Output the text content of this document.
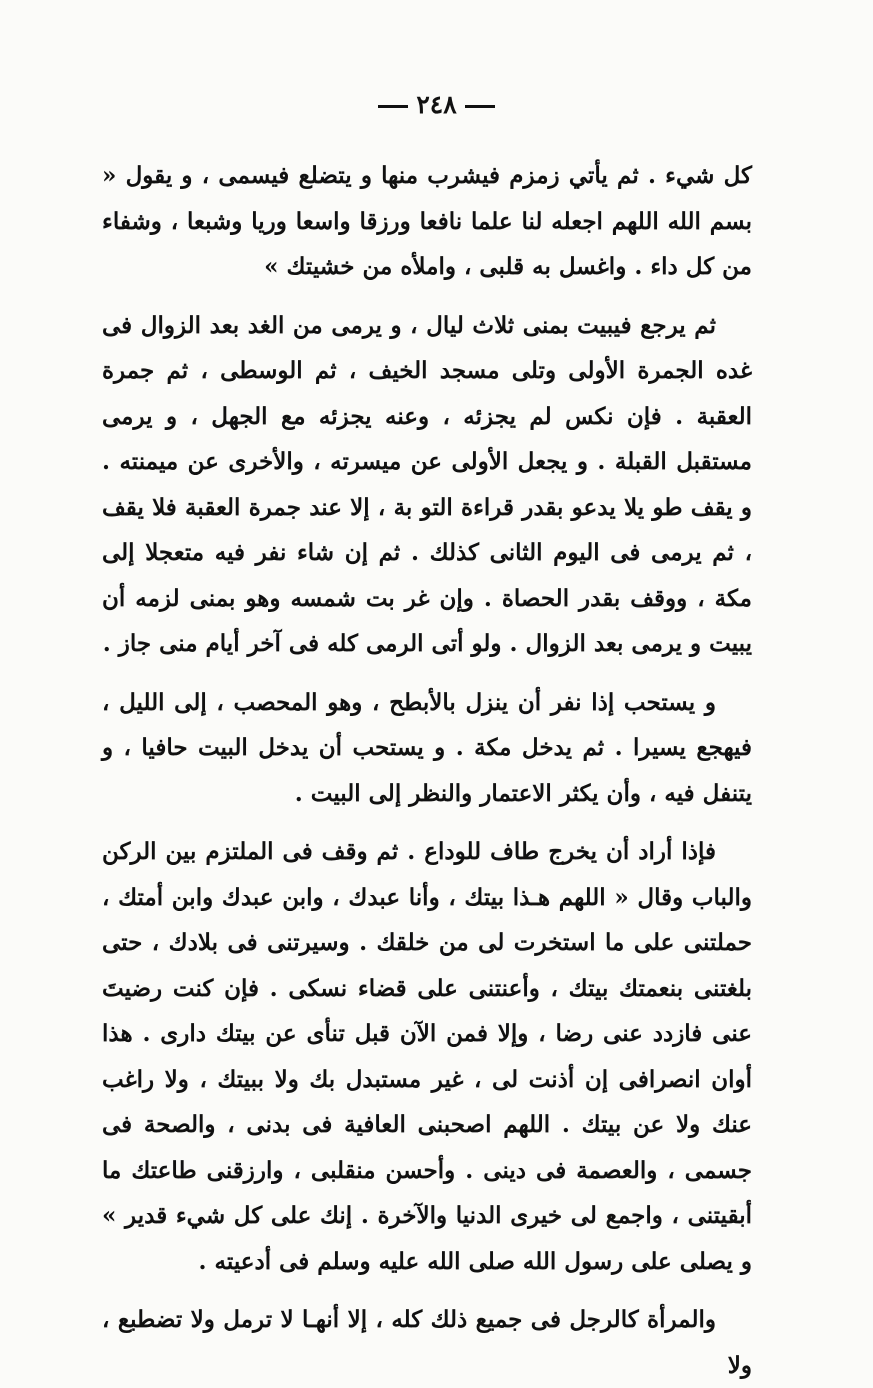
٢٤٨

كل شيء . ثم يأتي زمزم فيشرب منها و يتضلع فيسمى ، و يقول « بسم الله اللهم اجعله لنا علما نافعا ورزقا واسعا وريا وشبعا ، وشفاء من كل داء . واغسل به قلبى ، واملأه من خشيتك »

ثم يرجع فيبيت بمنى ثلاث ليال ، و يرمى من الغد بعد الزوال فى غده الجمرة الأولى وتلى مسجد الخيف ، ثم الوسطى ، ثم جمرة العقبة . فإن نكس لم يجزئه ، وعنه يجزئه مع الجهل ، و يرمى مستقبل القبلة . و يجعل الأولى عن ميسرته ، والأخرى عن ميمنته . و يقف طو يلا يدعو بقدر قراءة التو بة ، إلا عند جمرة العقبة فلا يقف ، ثم يرمى فى اليوم الثانى كذلك . ثم إن شاء نفر فيه متعجلا إلى مكة ، ووقف بقدر الحصاة . وإن غر بت شمسه وهو بمنى لزمه أن يبيت و يرمى بعد الزوال . ولو أتى الرمى كله فى آخر أيام منى جاز .

و يستحب إذا نفر أن ينزل بالأبطح ، وهو المحصب ، إلى الليل ، فيهجع يسيرا . ثم يدخل مكة . و يستحب أن يدخل البيت حافيا ، و يتنفل فيه ، وأن يكثر الاعتمار والنظر إلى البيت .

فإذا أراد أن يخرج طاف للوداع . ثم وقف فى الملتزم بين الركن والباب وقال « اللهم هـذا بيتك ، وأنا عبدك ، وابن عبدك وابن أمتك ، حملتنى على ما استخرت لى من خلقك . وسيرتنى فى بلادك ، حتى بلغتنى بنعمتك بيتك ، وأعنتنى على قضاء نسكى . فإن كنت رضيتَ عنى فازدد عنى رضا ، وإلا فمن الآن قبل تنأى عن بيتك دارى . هذا أوان انصرافى إن أذنت لى ، غير مستبدل بك ولا ببيتك ، ولا راغب عنك ولا عن بيتك . اللهم اصحبنى العافية فى بدنى ، والصحة فى جسمى ، والعصمة فى دينى . وأحسن منقلبى ، وارزقنى طاعتك ما أبقيتنى ، واجمع لى خيرى الدنيا والآخرة . إنك على كل شيء قدير » و يصلى على رسول الله صلى الله عليه وسلم فى أدعيته .

والمرأة كالرجل فى جميع ذلك كله ، إلا أنهـا لا ترمل ولا تضطبع ، ولا
